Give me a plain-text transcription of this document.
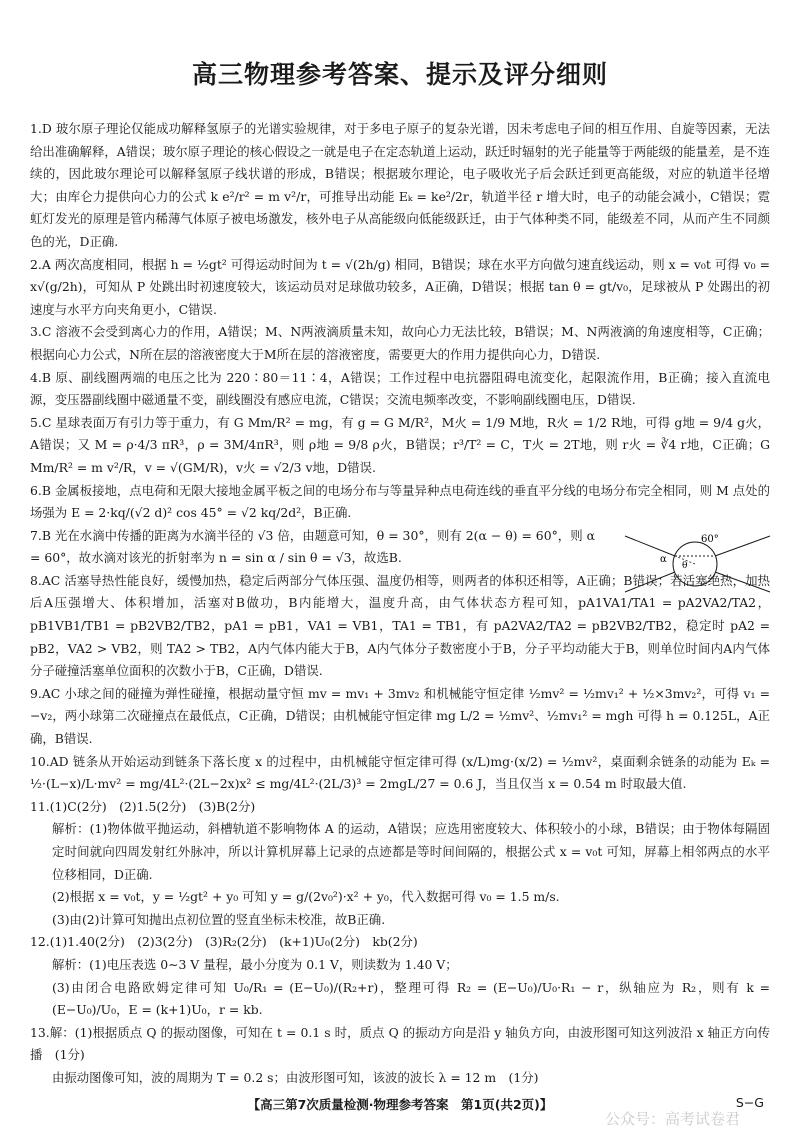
高三物理参考答案、提示及评分细则

1.D 玻尔原子理论仅能成功解释氢原子的光谱实验规律，对于多电子原子的复杂光谱，因未考虑电子间的相互作用、自旋等因素，无法给出准确解释，A错误；玻尔原子理论的核心假设之一就是电子在定态轨道上运动，跃迁时辐射的光子能量等于两能级的能量差，是不连续的，因此玻尔理论可以解释氢原子线状谱的形成，B错误；根据玻尔理论，电子吸收光子后会跃迁到更高能级，对应的轨道半径增大；由库仑力提供向心力的公式 k e²/r² = m v²/r，可推导出动能 Eₖ = ke²/2r，轨道半径 r 增大时，电子的动能会减小，C错误；霓虹灯发光的原理是管内稀薄气体原子被电场激发，核外电子从高能级向低能级跃迁，由于气体种类不同，能级差不同，从而产生不同颜色的光，D正确.

2.A 两次高度相同，根据 h = ½gt² 可得运动时间为 t = √(2h/g) 相同，B错误；球在水平方向做匀速直线运动，则 x = v₀t 可得 v₀ = x√(g/2h)，可知从 P 处跳出时初速度较大，该运动员对足球做功较多，A正确，D错误；根据 tan θ = gt/v₀，足球被从 P 处踢出的初速度与水平方向夹角更小，C错误.

3.C 溶液不会受到离心力的作用，A错误；M、N两液滴质量未知，故向心力无法比较，B错误；M、N两液滴的角速度相等，C正确；根据向心力公式，N所在层的溶液密度大于M所在层的溶液密度，需要更大的作用力提供向心力，D错误.

4.B 原、副线圈两端的电压之比为 220∶80＝11∶4，A错误；工作过程中电抗器阻碍电流变化，起限流作用，B正确；接入直流电源，变压器副线圈中磁通量不变，副线圈没有感应电流，C错误；交流电频率改变，不影响副线圈电压，D错误.

5.C 星球表面万有引力等于重力，有 G Mm/R² = mg，有 g = G M/R²，M火 = 1/9 M地，R火 = 1/2 R地，可得 g地 = 9/4 g火，A错误；又 M = ρ·4/3 πR³，ρ = 3M/4πR³，则 ρ地 = 9/8 ρ火，B错误；r³/T² = C，T火 = 2T地，则 r火 = ∛4 r地，C正确；G Mm/R² = m v²/R，v = √(GM/R)，v火 = √2/3 v地，D错误.

6.B 金属板接地，点电荷和无限大接地金属平板之间的电场分布与等量异种点电荷连线的垂直平分线的电场分布完全相同，则 M 点处的场强为 E = 2·kq/(√2 d)² cos 45° = √2 kq/2d²，B正确.

7.B 光在水滴中传播的距离为水滴半径的 √3 倍，由题意可知，θ = 30°，则有 2(α − θ) = 60°，则 α = 60°，故水滴对该光的折射率为 n = sin α / sin θ = √3，故选B.

8.AC 活塞导热性能良好，缓慢加热，稳定后两部分气体压强、温度仍相等，则两者的体积还相等，A正确；B错误；若活塞绝热，加热后A压强增大、体积增加，活塞对B做功，B内能增大，温度升高，由气体状态方程可知，pA1VA1/TA1 = pA2VA2/TA2，pB1VB1/TB1 = pB2VB2/TB2，pA1 = pB1，VA1 = VB1，TA1 = TB1，有 pA2VA2/TA2 = pB2VB2/TB2，稳定时 pA2 = pB2，VA2 > VB2，则 TA2 > TB2，A内气体内能大于B，A内气体分子数密度小于B，分子平均动能大于B，则单位时间内A内气体分子碰撞活塞单位面积的次数小于B，C正确，D错误.

9.AC 小球之间的碰撞为弹性碰撞，根据动量守恒 mv = mv₁ + 3mv₂ 和机械能守恒定律 ½mv² = ½mv₁² + ½×3mv₂²，可得 v₁ = −v₂，两小球第二次碰撞点在最低点，C正确，D错误；由机械能守恒定律 mg L/2 = ½mv²、½mv₁² = mgh 可得 h = 0.125L，A正确，B错误.

10.AD 链条从开始运动到链条下落长度 x 的过程中，由机械能守恒定律可得 (x/L)mg·(x/2) = ½mv²，桌面剩余链条的动能为 Eₖ = ½·(L−x)/L·mv² = mg/4L²·(2L−2x)x² ≤ mg/4L²·(2L/3)³ = 2mgL/27 = 0.6 J，当且仅当 x = 0.54 m 时取最大值.

11.(1)C(2分)　(2)1.5(2分)　(3)B(2分)

解析：(1)物体做平抛运动，斜槽轨道不影响物体 A 的运动，A错误；应选用密度较大、体积较小的小球，B错误；由于物体每隔固定时间就向四周发射红外脉冲，所以计算机屏幕上记录的点迹都是等时间间隔的，根据公式 x = v₀t 可知，屏幕上相邻两点的水平位移相同，D正确.

(2)根据 x = v₀t，y = ½gt² + y₀ 可知 y = g/(2v₀²)·x² + y₀，代入数据可得 v₀ = 1.5 m/s.

(3)由(2)计算可知抛出点初位置的竖直坐标未校准，故B正确.

12.(1)1.40(2分)　(2)3(2分)　(3)R₂(2分)　(k+1)U₀(2分)　kb(2分)

解析：(1)电压表选 0∼3 V 量程，最小分度为 0.1 V，则读数为 1.40 V；

(3)由闭合电路欧姆定律可知 U₀/R₁ = (E−U₀)/(R₂+r)，整理可得 R₂ = (E−U₀)/U₀·R₁ − r，纵轴应为 R₂，则有 k = (E−U₀)/U₀，E = (k+1)U₀，r = kb.

13.解：(1)根据质点 Q 的振动图像，可知在 t = 0.1 s 时，质点 Q 的振动方向是沿 y 轴负方向，由波形图可知这列波沿 x 轴正方向传播　(1分)

由振动图像可知，波的周期为 T = 0.2 s；由波形图可知，该波的波长 λ = 12 m　(1分)

60°
α
θ
【高三第7次质量检测·物理参考答案　第1页(共2页)】	S−G
公众号：高考试卷君
